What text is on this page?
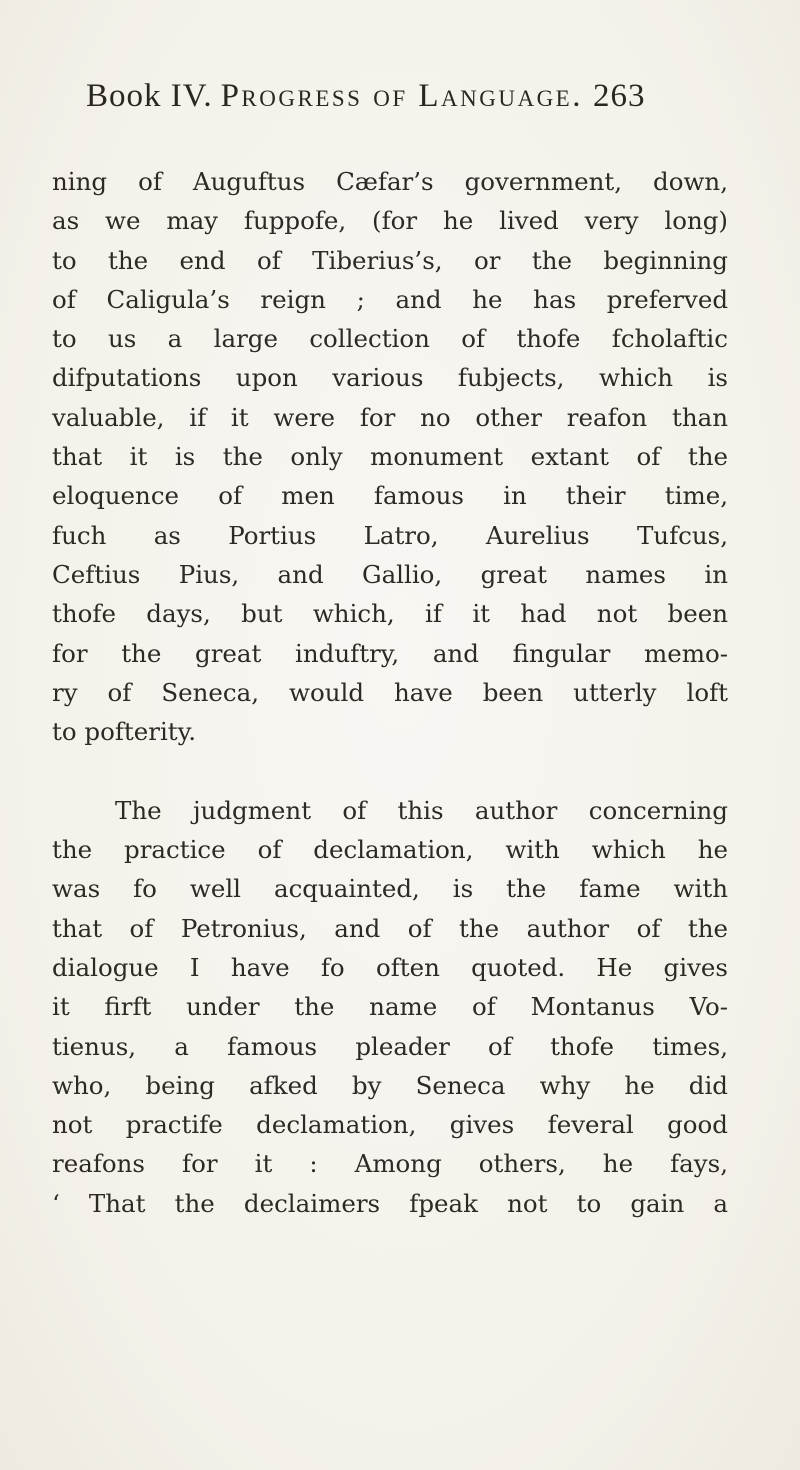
Book IV. Progress of Language. 263
ning of Auguftus Cæfar’s government, down,
as we may fuppofe, (for he lived very long)
to the end of Tiberius’s, or the beginning
of Caligula’s reign ; and he has preferved
to us a large collection of thofe fcholaftic
difputations upon various fubjects, which is
valuable, if it were for no other reafon than
that it is the only monument extant of the
eloquence of men famous in their time,
fuch as Portius Latro, Aurelius Tufcus,
Ceftius Pius, and Gallio, great names in
thofe days, but which, if it had not been
for the great induftry, and fingular memo-
ry of Seneca, would have been utterly loft
to pofterity.
The judgment of this author concerning
the practice of declamation, with which he
was fo well acquainted, is the fame with
that of Petronius, and of the author of the
dialogue I have fo often quoted. He gives
it firft under the name of Montanus Vo-
tienus, a famous pleader of thofe times,
who, being afked by Seneca why he did
not practife declamation, gives feveral good
reafons for it : Among others, he fays,
‘ That the declaimers fpeak not to gain a
